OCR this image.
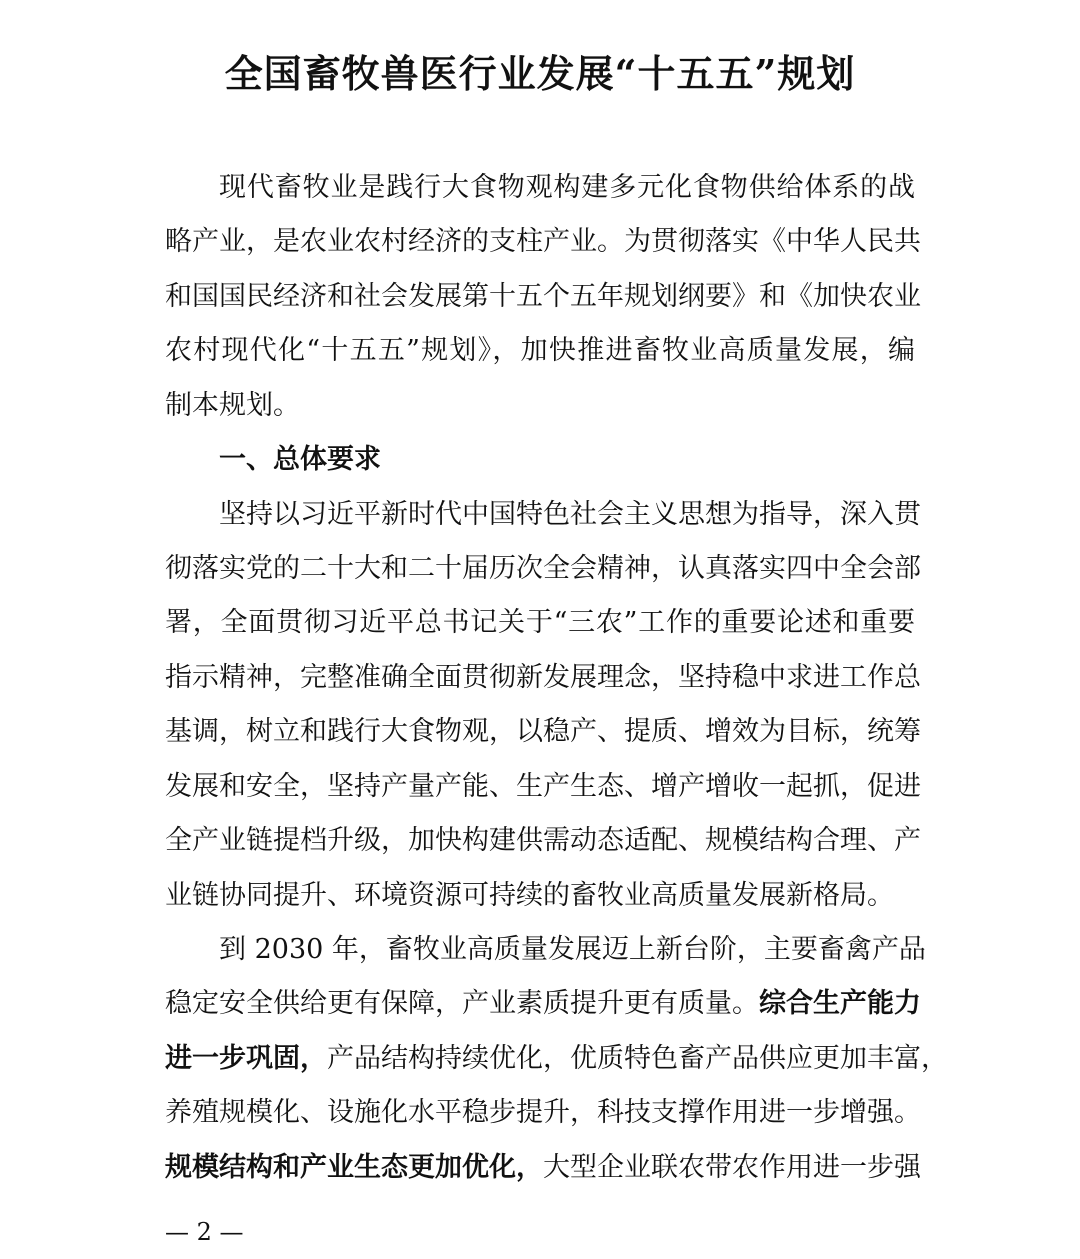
全国畜牧兽医行业发展“十五五”规划
现代畜牧业是践行大食物观构建多元化食物供给体系的战
略产业，是农业农村经济的支柱产业。为贯彻落实《中华人民共
和国国民经济和社会发展第十五个五年规划纲要》和《加快农业
农村现代化“十五五”规划》，加快推进畜牧业高质量发展，编
制本规划。
一、总体要求
坚持以习近平新时代中国特色社会主义思想为指导，深入贯
彻落实党的二十大和二十届历次全会精神，认真落实四中全会部
署，全面贯彻习近平总书记关于“三农”工作的重要论述和重要
指示精神，完整准确全面贯彻新发展理念，坚持稳中求进工作总
基调，树立和践行大食物观，以稳产、提质、增效为目标，统筹
发展和安全，坚持产量产能、生产生态、增产增收一起抓，促进
全产业链提档升级，加快构建供需动态适配、规模结构合理、产
业链协同提升、环境资源可持续的畜牧业高质量发展新格局。
到 2030 年，畜牧业高质量发展迈上新台阶，主要畜禽产品
稳定安全供给更有保障，产业素质提升更有质量。综合生产能力
进一步巩固，产品结构持续优化，优质特色畜产品供应更加丰富，
养殖规模化、设施化水平稳步提升，科技支撑作用进一步增强。
规模结构和产业生态更加优化，大型企业联农带农作用进一步强
— 2 —
